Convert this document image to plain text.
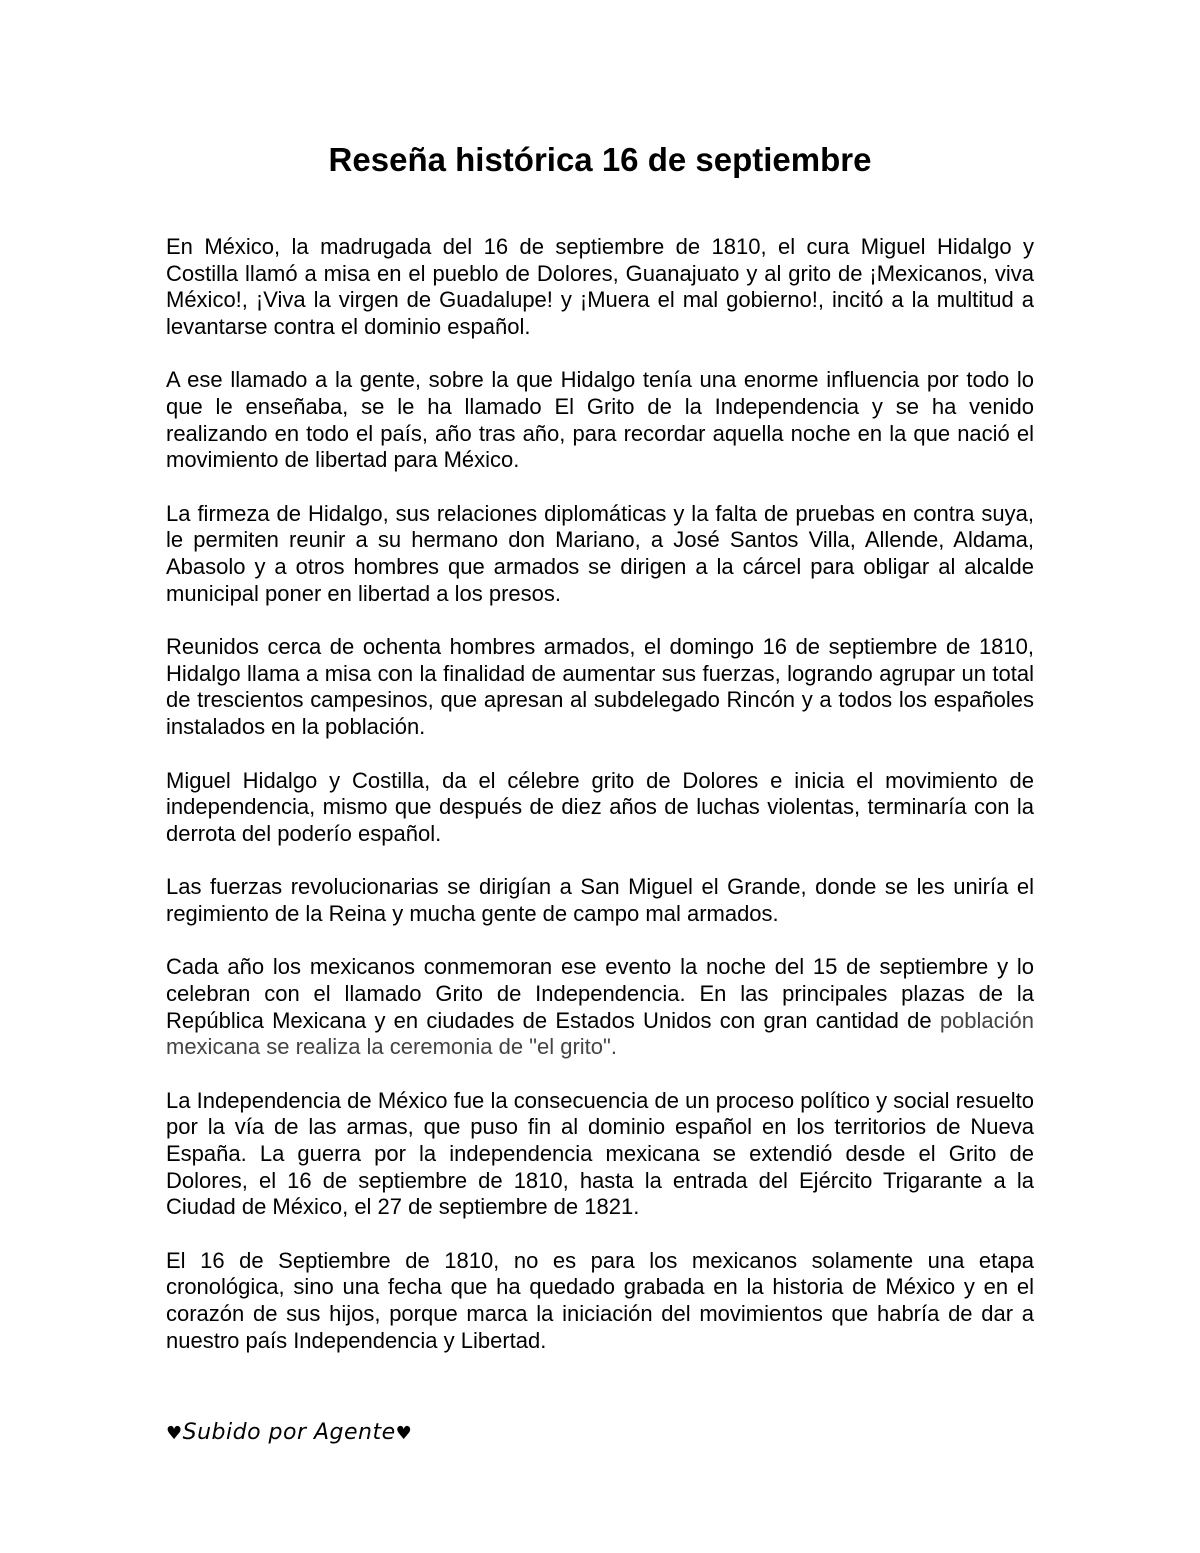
Reseña histórica 16 de septiembre

En México, la madrugada del 16 de septiembre de 1810, el cura Miguel Hidalgo y Costilla llamó a misa en el pueblo de Dolores, Guanajuato y al grito de ¡Mexicanos, viva México!, ¡Viva la virgen de Guadalupe! y ¡Muera el mal gobierno!, incitó a la multitud a levantarse contra el dominio español.

A ese llamado a la gente, sobre la que Hidalgo tenía una enorme influencia por todo lo que le enseñaba, se le ha llamado El Grito de la Independencia y se ha venido realizando en todo el país, año tras año, para recordar aquella noche en la que nació el movimiento de libertad para México.

La firmeza de Hidalgo, sus relaciones diplomáticas y la falta de pruebas en contra suya, le permiten reunir a su hermano don Mariano, a José Santos Villa, Allende, Aldama, Abasolo y a otros hombres que armados se dirigen a la cárcel para obligar al alcalde municipal poner en libertad a los presos.

Reunidos cerca de ochenta hombres armados, el domingo 16 de septiembre de 1810, Hidalgo llama a misa con la finalidad de aumentar sus fuerzas, logrando agrupar un total de trescientos campesinos, que apresan al subdelegado Rincón y a todos los españoles instalados en la población.

Miguel Hidalgo y Costilla, da el célebre grito de Dolores e inicia el movimiento de independencia, mismo que después de diez años de luchas violentas, terminaría con la derrota del poderío español.

Las fuerzas revolucionarias se dirigían a San Miguel el Grande, donde se les uniría el regimiento de la Reina y mucha gente de campo mal armados.

Cada año los mexicanos conmemoran ese evento la noche del 15 de septiembre y lo celebran con el llamado Grito de Independencia. En las principales plazas de la República Mexicana y en ciudades de Estados Unidos con gran cantidad de población mexicana se realiza la ceremonia de "el grito".

La Independencia de México fue la consecuencia de un proceso político y social resuelto por la vía de las armas, que puso fin al dominio español en los territorios de Nueva España. La guerra por la independencia mexicana se extendió desde el Grito de Dolores, el 16 de septiembre de 1810, hasta la entrada del Ejército Trigarante a la Ciudad de México, el 27 de septiembre de 1821.

El 16 de Septiembre de 1810, no es para los mexicanos solamente una etapa cronológica, sino una fecha que ha quedado grabada en la historia de México y en el corazón de sus hijos, porque marca la iniciación del movimientos que habría de dar a nuestro país Independencia y Libertad.

♥Subido por Agente♥
